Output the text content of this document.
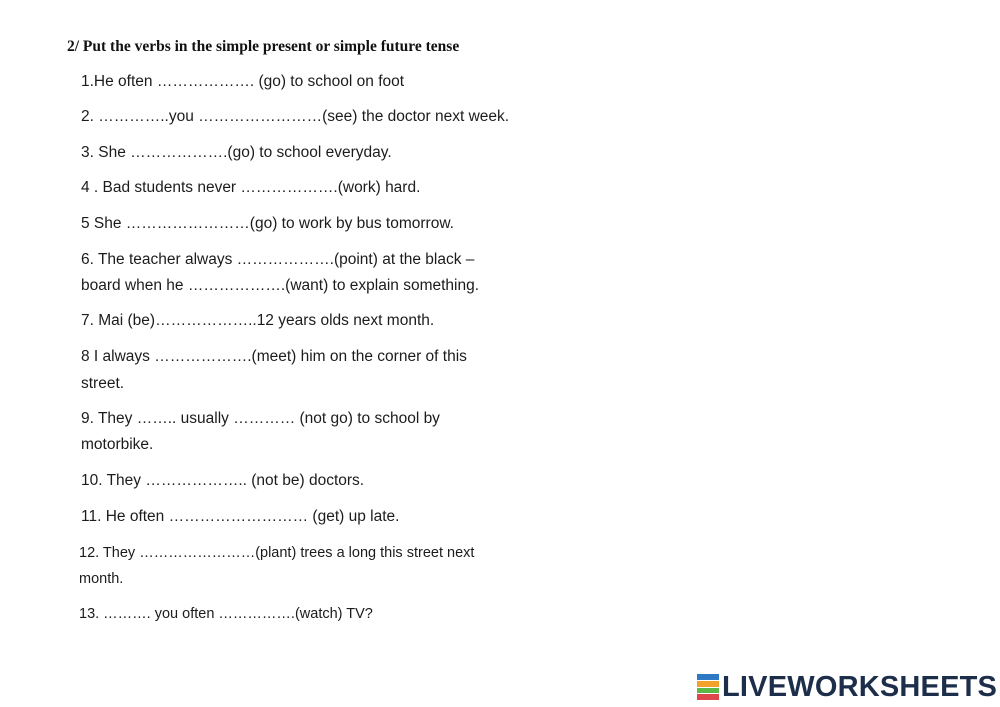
2/ Put the verbs in the simple present or simple future tense
1.He often ………………. (go) to school on foot
2. …………..you ……………………(see) the doctor next week.
3. She ……………….(go) to school everyday.
4 . Bad students never ……………….(work) hard.
5 She ……………………(go) to work by bus tomorrow.
6. The teacher always ……………….(point) at the black –
board when he ……………….(want) to explain something.
7. Mai (be)………………..12 years olds next month.
8 I always ……………….(meet) him on the corner of this
street.
9. They …….. usually ………… (not go) to school by
motorbike.
10. They ……………….. (not be) doctors.
11. He often ……………………… (get) up late.
12. They ……………………(plant) trees a long this street next
month.
13. ………. you often …………….(watch) TV?
LIVEWORKSHEETS
